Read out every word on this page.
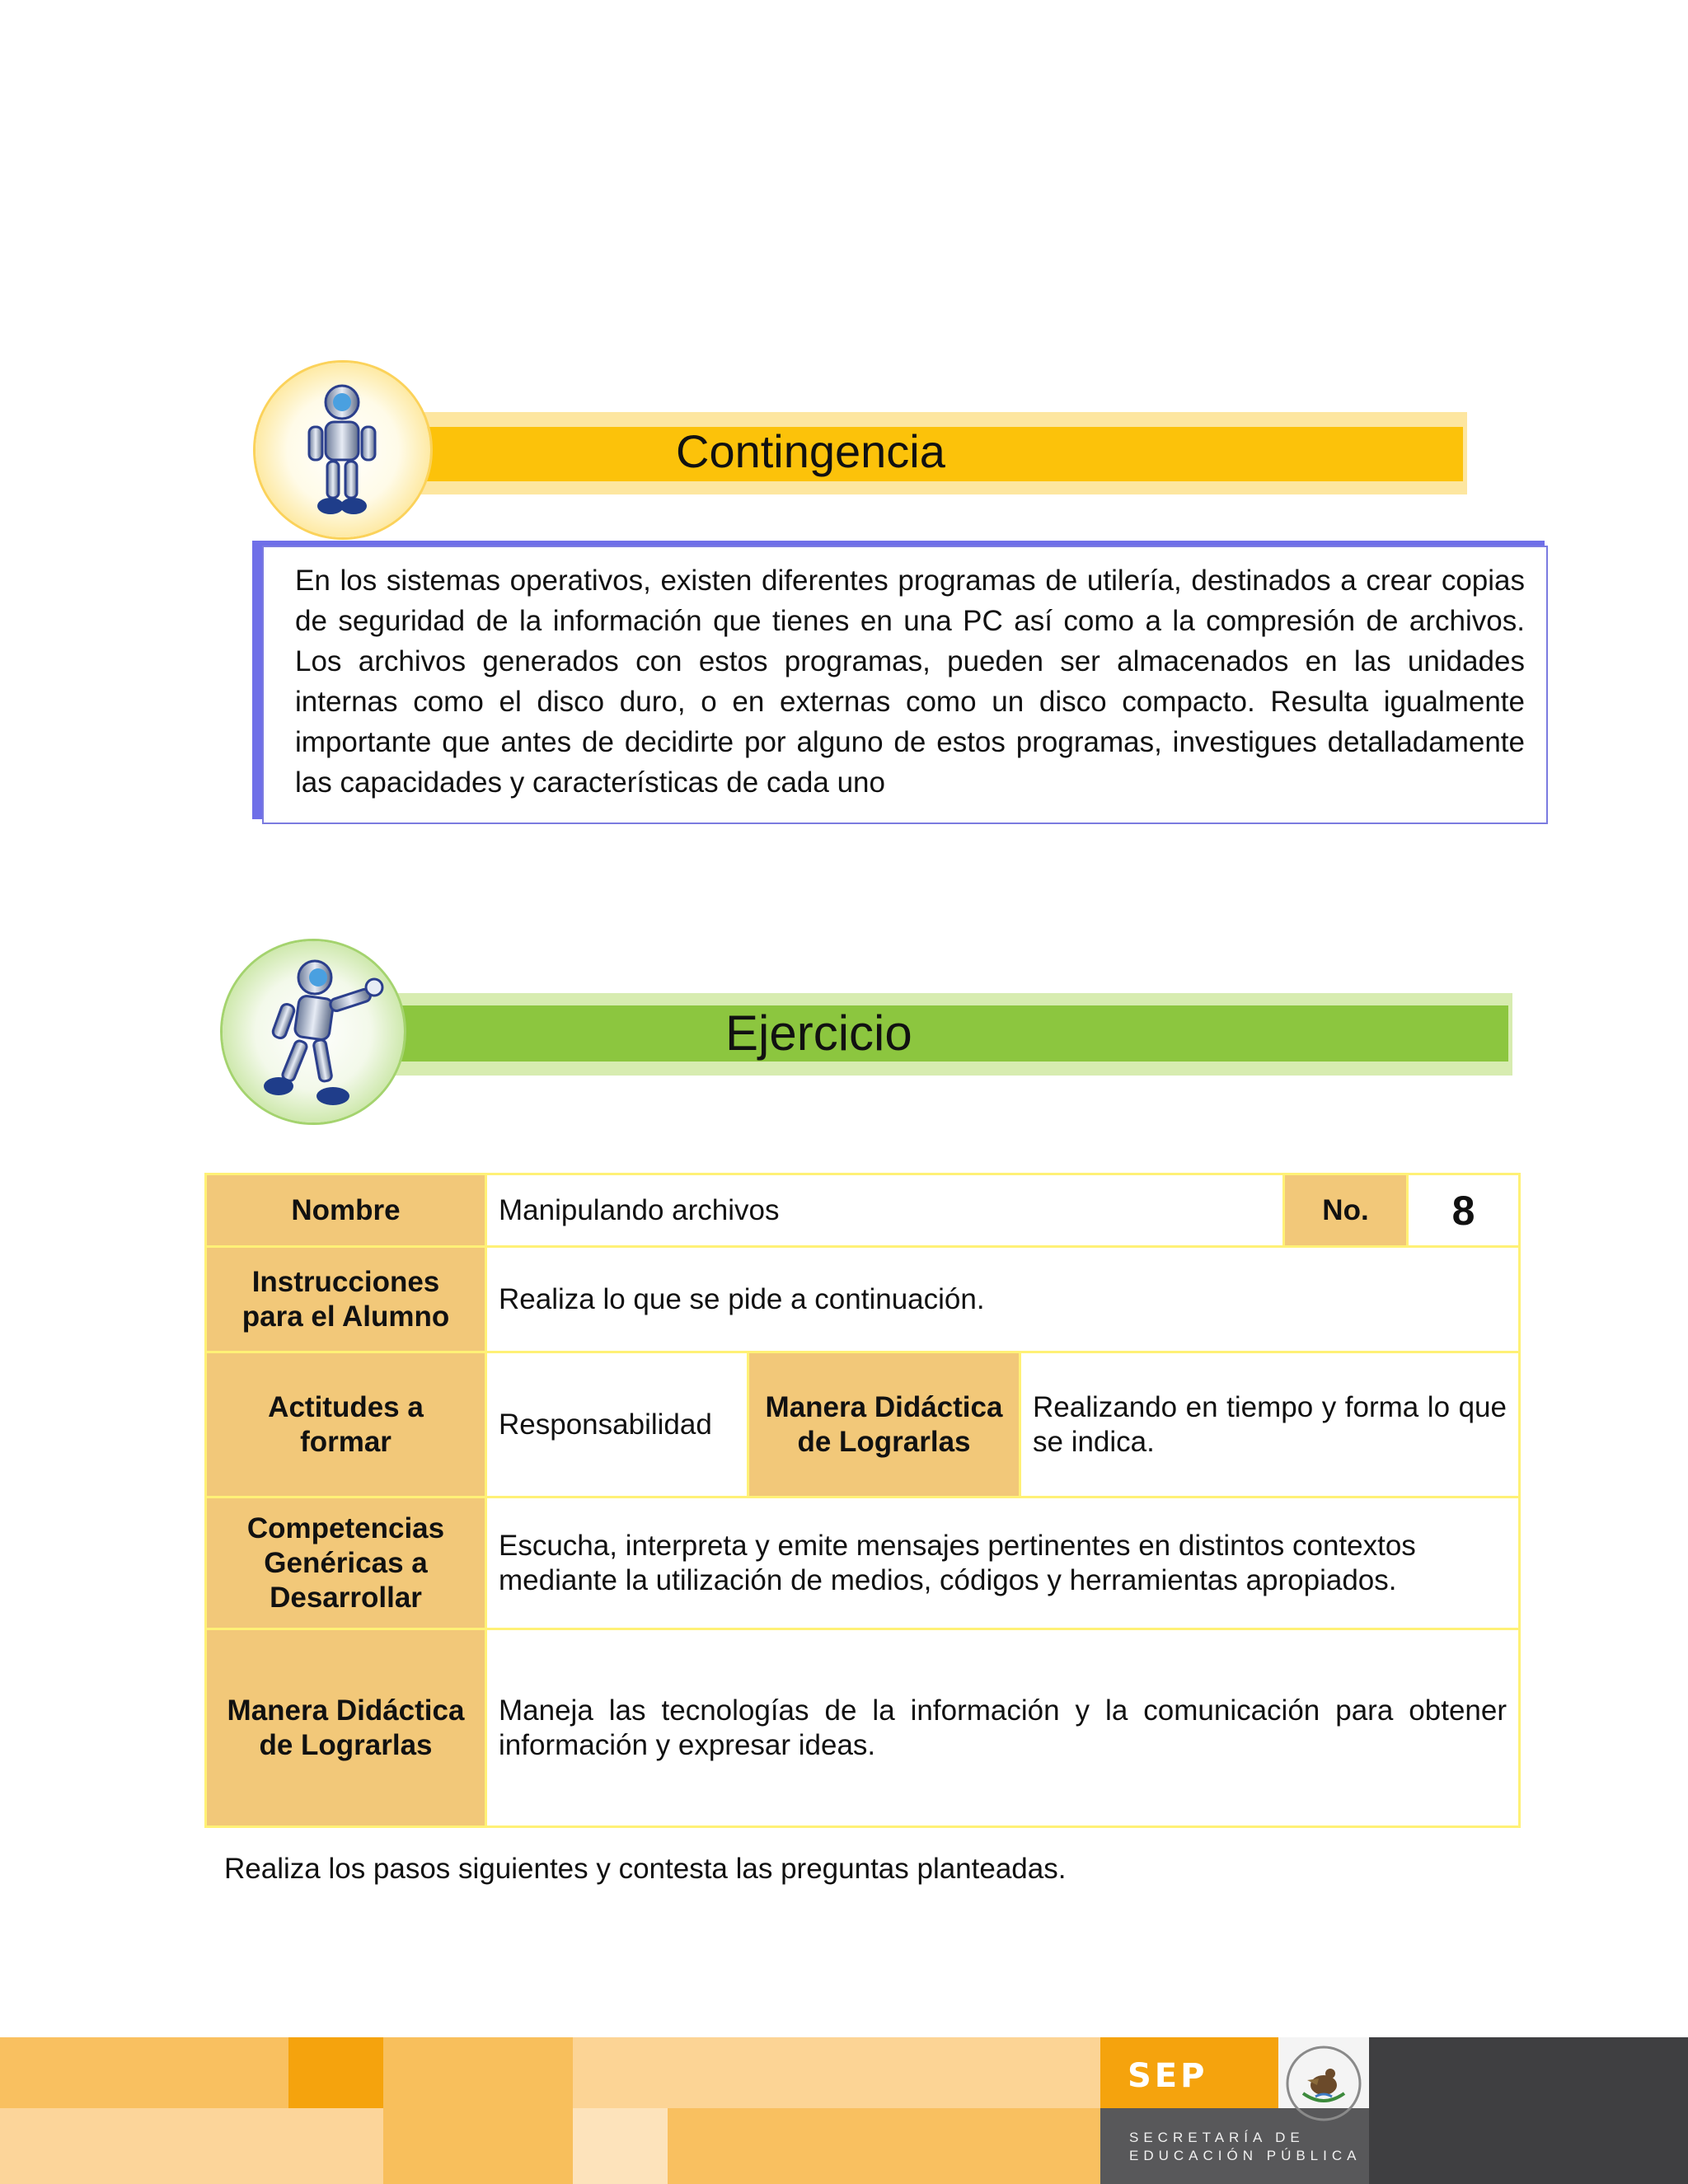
Contingencia
En los sistemas operativos, existen diferentes programas de utilería, destinados a crear copias de seguridad de la información que tienes en una PC así como a la compresión de archivos. Los archivos generados con estos programas, pueden ser almacenados en las unidades internas como el disco duro, o en externas como un disco compacto. Resulta igualmente importante que antes de decidirte por alguno de estos programas, investigues detalladamente las capacidades y características de cada uno
Ejercicio
Nombre	Manipulando archivos			No.	8
Instrucciones para el Alumno	Realiza lo que se pide a continuación.				
Actitudes a formar	Responsabilidad	Manera Didáctica de Lograrlas	Realizando en tiempo y forma lo que se indica.		
Competencias Genéricas a Desarrollar	Escucha, interpreta y emite mensajes pertinentes en distintos contextos mediante la utilización de medios, códigos y herramientas apropiados.				
Manera Didáctica de Lograrlas	Maneja las tecnologías de la información y la comunicación para obtener información y expresar ideas.				
Realiza los pasos siguientes y contesta las preguntas planteadas.
SEP
SECRETARÍA DE
EDUCACIÓN PÚBLICA
